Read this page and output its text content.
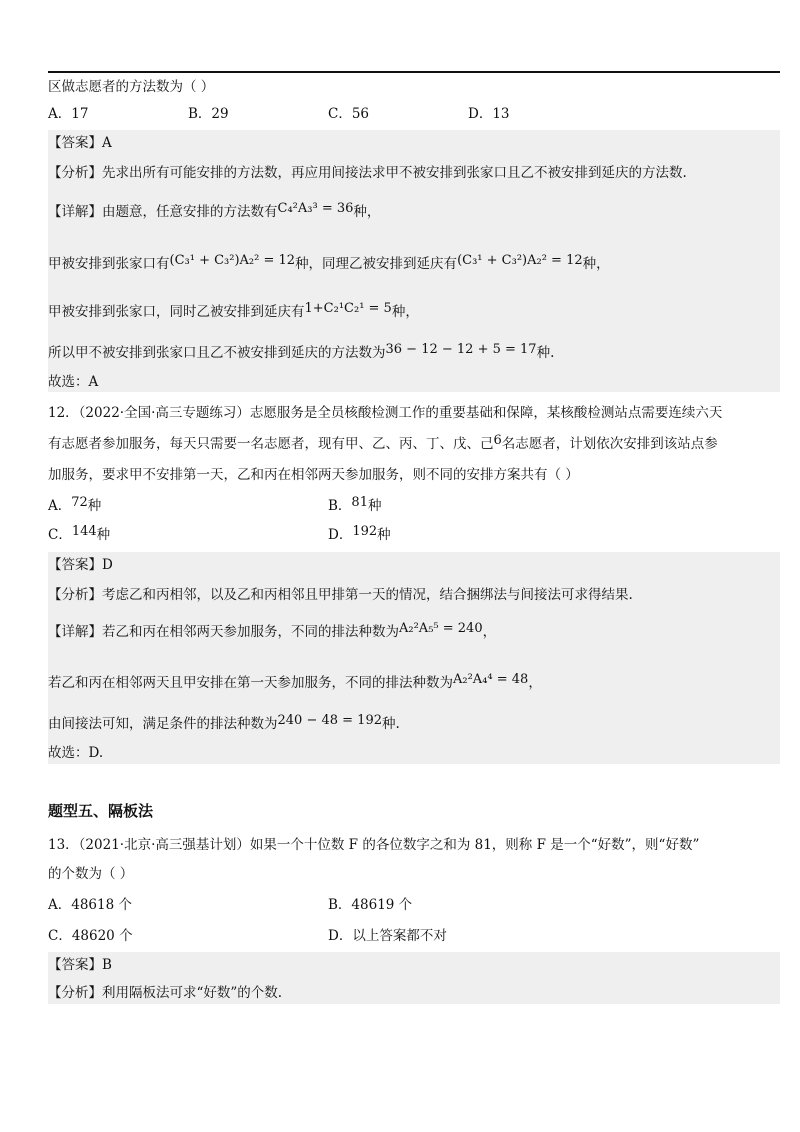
区做志愿者的方法数为（ ）
A．17	B．29	C．56	D．13
【答案】A
【分析】先求出所有可能安排的方法数，再应用间接法求甲不被安排到张家口且乙不被安排到延庆的方法数.
【详解】由题意，任意安排的方法数有C₄²A₃³ = 36种，
甲被安排到张家口有(C₃¹ + C₃²)A₂² = 12种，同理乙被安排到延庆有(C₃¹ + C₃²)A₂² = 12种，
甲被安排到张家口，同时乙被安排到延庆有1+C₂¹C₂¹ = 5种，
所以甲不被安排到张家口且乙不被安排到延庆的方法数为36 − 12 − 12 + 5 = 17种.
故选：A
12．（2022·全国·高三专题练习）志愿服务是全员核酸检测工作的重要基础和保障，某核酸检测站点需要连续六天
有志愿者参加服务，每天只需要一名志愿者，现有甲、乙、丙、丁、戊、己6名志愿者，计划依次安排到该站点参
加服务，要求甲不安排第一天，乙和丙在相邻两天参加服务，则不同的安排方案共有（ ）
A．72种	B．81种
C．144种	D．192种
【答案】D
【分析】考虑乙和丙相邻，以及乙和丙相邻且甲排第一天的情况，结合捆绑法与间接法可求得结果.
【详解】若乙和丙在相邻两天参加服务，不同的排法种数为A₂²A₅⁵ = 240，
若乙和丙在相邻两天且甲安排在第一天参加服务，不同的排法种数为A₂²A₄⁴ = 48，
由间接法可知，满足条件的排法种数为240 − 48 = 192种.
故选：D.
题型五、隔板法
13．（2021·北京·高三强基计划）如果一个十位数 F 的各位数字之和为 81，则称 F 是一个“好数”，则“好数”
的个数为（ ）
A．48618 个	B．48619 个
C．48620 个	D．以上答案都不对
【答案】B
【分析】利用隔板法可求“好数”的个数.
